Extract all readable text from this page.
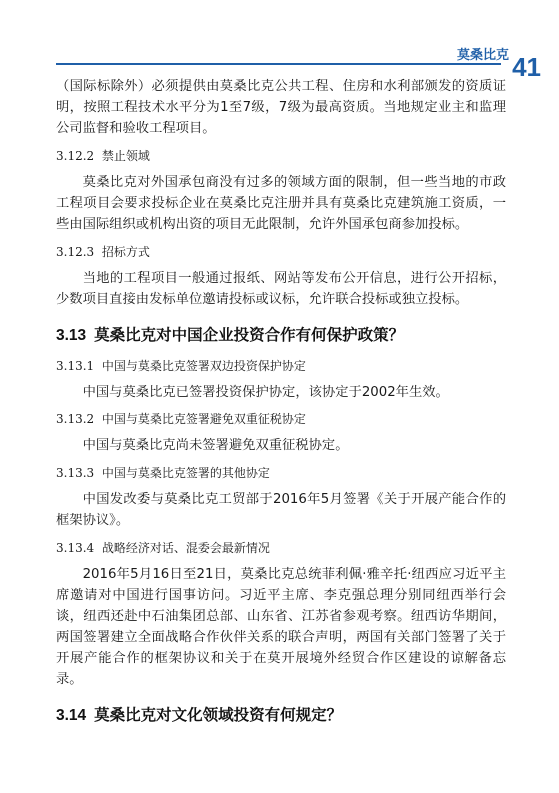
莫桑比克 41

（国际标除外）必须提供由莫桑比克公共工程、住房和水利部颁发的资质证明，按照工程技术水平分为1至7级，7级为最高资质。当地规定业主和监理公司监督和验收工程项目。

3.12.2 禁止领域

莫桑比克对外国承包商没有过多的领域方面的限制，但一些当地的市政工程项目会要求投标企业在莫桑比克注册并具有莫桑比克建筑施工资质，一些由国际组织或机构出资的项目无此限制，允许外国承包商参加投标。

3.12.3 招标方式

当地的工程项目一般通过报纸、网站等发布公开信息，进行公开招标，少数项目直接由发标单位邀请投标或议标，允许联合投标或独立投标。

3.13 莫桑比克对中国企业投资合作有何保护政策？
3.13.1 中国与莫桑比克签署双边投资保护协定

中国与莫桑比克已签署投资保护协定，该协定于2002年生效。

3.13.2 中国与莫桑比克签署避免双重征税协定

中国与莫桑比克尚未签署避免双重征税协定。

3.13.3 中国与莫桑比克签署的其他协定

中国发改委与莫桑比克工贸部于2016年5月签署《关于开展产能合作的框架协议》。

3.13.4 战略经济对话、混委会最新情况

2016年5月16日至21日，莫桑比克总统菲利佩·雅辛托·纽西应习近平主席邀请对中国进行国事访问。习近平主席、李克强总理分别同纽西举行会谈，纽西还赴中石油集团总部、山东省、江苏省参观考察。纽西访华期间，两国签署建立全面战略合作伙伴关系的联合声明，两国有关部门签署了关于开展产能合作的框架协议和关于在莫开展境外经贸合作区建设的谅解备忘录。

3.14 莫桑比克对文化领域投资有何规定？
